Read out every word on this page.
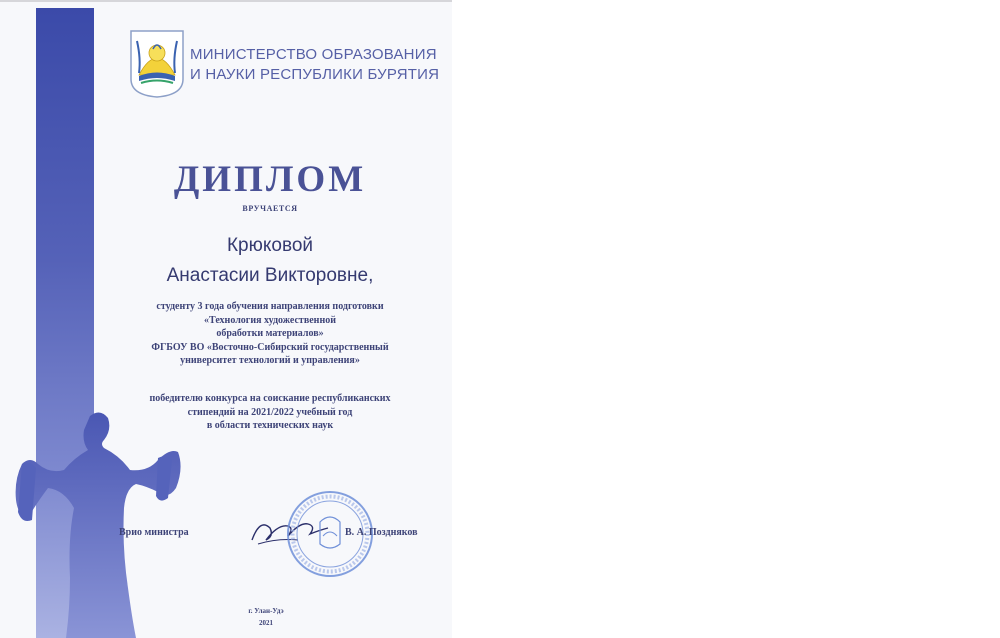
МИНИСТЕРСТВО ОБРАЗОВАНИЯ
И НАУКИ РЕСПУБЛИКИ БУРЯТИЯ
ДИПЛОМ
ВРУЧАЕТСЯ
Крюковой
Анастасии Викторовне,
студенту 3 года обучения направления подготовки
«Технология художественной
обработки материалов»
ФГБОУ ВО «Восточно-Сибирский государственный
университет технологий и управления»
победителю конкурса на соискание республиканских
стипендий на 2021/2022 учебный год
в области технических наук
Врио министра	В. А. Поздняков
г. Улан-Удэ
2021
